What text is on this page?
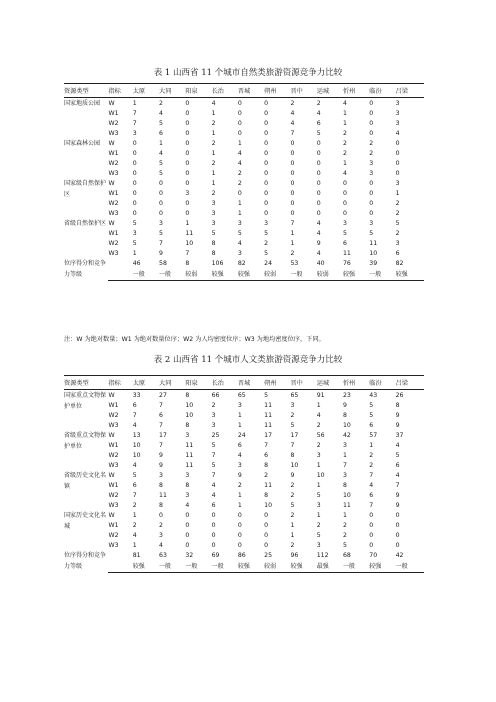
表 1 山西省 11 个城市自然类旅游资源竞争力比较
资源类型	指标	太原	大同	阳泉	长治	晋城	朔州	晋中	运城	忻州	临汾	吕梁
国家地质公园	W	1	2	0	4	0	0	2	2	4	0	3
	W1	7	4	0	1	0	0	4	4	1	0	3
	W2	7	5	0	2	0	0	4	6	1	0	3
	W3	3	6	0	1	0	0	7	5	2	0	4
国家森林公园	W	0	1	0	2	1	0	0	0	2	2	0
	W1	0	4	0	1	4	0	0	0	2	2	0
	W2	0	5	0	2	4	0	0	0	1	3	0
	W3	0	5	0	1	2	0	0	0	4	3	0
国家级自然保护区	W	0	0	0	1	2	0	0	0	0	0	3
	W1	0	0	3	2	0	0	0	0	0	0	1
	W2	0	0	0	3	1	0	0	0	0	0	2
	W3	0	0	0	3	1	0	0	0	0	0	2
省级自然保护区	W	5	3	1	3	3	3	7	4	3	3	5
	W1	3	5	11	5	5	5	1	4	5	5	2
	W2	5	7	10	8	4	2	1	9	6	11	3
	W3	1	9	7	8	3	5	2	4	11	10	6
位序得分和竞争力等级		46	58	8	106	82	24	53	40	76	39	82
		一般	一般	较弱	较强	较强	较弱	一般	较弱	较强	一般	较强
注：W 为绝对数量；W1 为绝对数量位序；W2 为人均密度位序；W3 为地均密度位序，下同。
表 2 山西省 11 个城市人文类旅游资源竞争力比较
资源类型	指标	太原	大同	阳泉	长治	晋城	朔州	晋中	运城	忻州	临汾	吕梁
国家重点文物保护单位	W	33	27	8	66	65	5	65	91	23	43	26
	W1	6	7	10	2	3	11	3	1	9	5	8
	W2	7	6	10	3	1	11	2	4	8	5	9
	W3	4	7	8	3	1	11	5	2	10	6	9
省级重点文物保护单位	W	13	17	3	25	24	17	17	56	42	57	37
	W1	10	7	11	5	6	7	7	2	3	1	4
	W2	10	9	11	7	4	6	8	3	1	2	5
	W3	4	9	11	5	3	8	10	1	7	2	6
省级历史文化名镇	W	5	3	3	7	9	2	9	10	3	7	4
	W1	6	8	8	4	2	11	2	1	8	4	7
	W2	7	11	3	4	1	8	2	5	10	6	9
	W3	2	8	4	6	1	10	5	3	11	7	9
国家历史文化名城	W	1	0	0	0	0	0	2	1	1	0	0
	W1	2	2	0	0	0	0	1	2	2	0	0
	W2	4	3	0	0	0	0	1	5	2	0	0
	W3	1	4	0	0	0	0	2	3	5	0	0
位序得分和竞争力等级		81	63	32	69	86	25	96	112	68	70	42
		较强	一般	一般	一般	较强	较弱	较强	最强	一般	较强	一般
